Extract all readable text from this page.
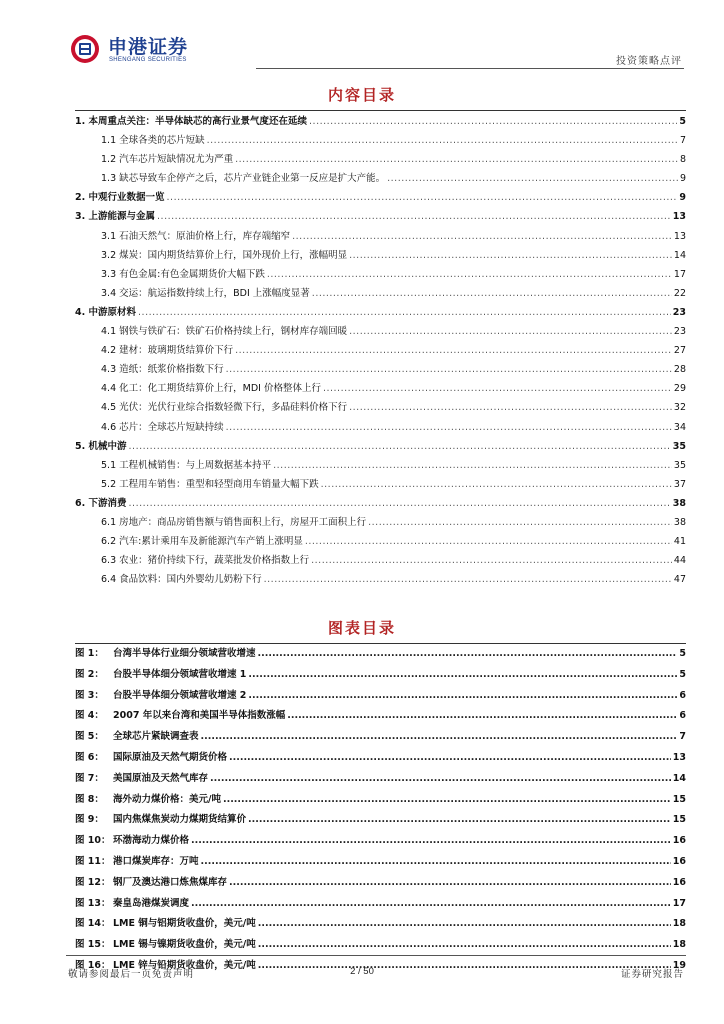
申港证券
SHENGANG SECURITIES	投资策略点评
内容目录
1. 本周重点关注：半导体缺芯的高行业景气度还在延续 .....	5
1.1 全球各类的芯片短缺 .....	7
1.2 汽车芯片短缺情况尤为严重 .....	8
1.3 缺芯导致车企停产之后，芯片产业链企业第一反应是扩大产能。 .....	9
2. 中观行业数据一览 .....	9
3. 上游能源与金属 .....	13
3.1 石油天然气：原油价格上行，库存端缩窄 .....	13
3.2 煤炭：国内期货结算价上行，国外现价上行，涨幅明显 .....	14
3.3 有色金属:有色金属期货价大幅下跌 .....	17
3.4 交运：航运指数持续上行，BDI 上涨幅度显著 .....	22
4. 中游原材料 .....	23
4.1 钢铁与铁矿石：铁矿石价格持续上行，钢材库存端回暖 .....	23
4.2 建材：玻璃期货结算价下行 .....	27
4.3 造纸：纸浆价格指数下行 .....	28
4.4 化工：化工期货结算价上行，MDI 价格整体上行 .....	29
4.5 光伏：光伏行业综合指数轻微下行，多晶硅料价格下行 .....	32
4.6 芯片：全球芯片短缺持续 .....	34
5. 机械中游 .....	35
5.1 工程机械销售：与上周数据基本持平 .....	35
5.2 工程用车销售：重型和轻型商用车销量大幅下跌 .....	37
6. 下游消费 .....	38
6.1 房地产：商品房销售额与销售面积上行，房屋开工面积上行 .....	38
6.2 汽车:累计乘用车及新能源汽车产销上涨明显 .....	41
6.3 农业：猪价持续下行，蔬菜批发价格指数上行 .....	44
6.4 食品饮料：国内外婴幼儿奶粉下行 .....	47
图表目录
图 1： 台湾半导体行业细分领域营收增速 .....	5
图 2： 台股半导体细分领域营收增速 1 .....	5
图 3： 台股半导体细分领域营收增速 2 .....	6
图 4： 2007 年以来台湾和美国半导体指数涨幅 .....	6
图 5： 全球芯片紧缺调查表 .....	7
图 6： 国际原油及天然气期货价格 .....	13
图 7： 美国原油及天然气库存 .....	14
图 8： 海外动力煤价格：美元/吨 .....	15
图 9： 国内焦煤焦炭动力煤期货结算价 .....	15
图 10： 环渤海动力煤价格 .....	16
图 11： 港口煤炭库存：万吨 .....	16
图 12： 钢厂及澳达港口炼焦煤库存 .....	16
图 13： 秦皇岛港煤炭调度 .....	17
图 14： LME 铜与铝期货收盘价，美元/吨 .....	18
图 15： LME 锡与镍期货收盘价，美元/吨 .....	18
图 16： LME 锌与铅期货收盘价，美元/吨 .....	19
敬请参阅最后一页免责声明	2 / 50	证券研究报告
